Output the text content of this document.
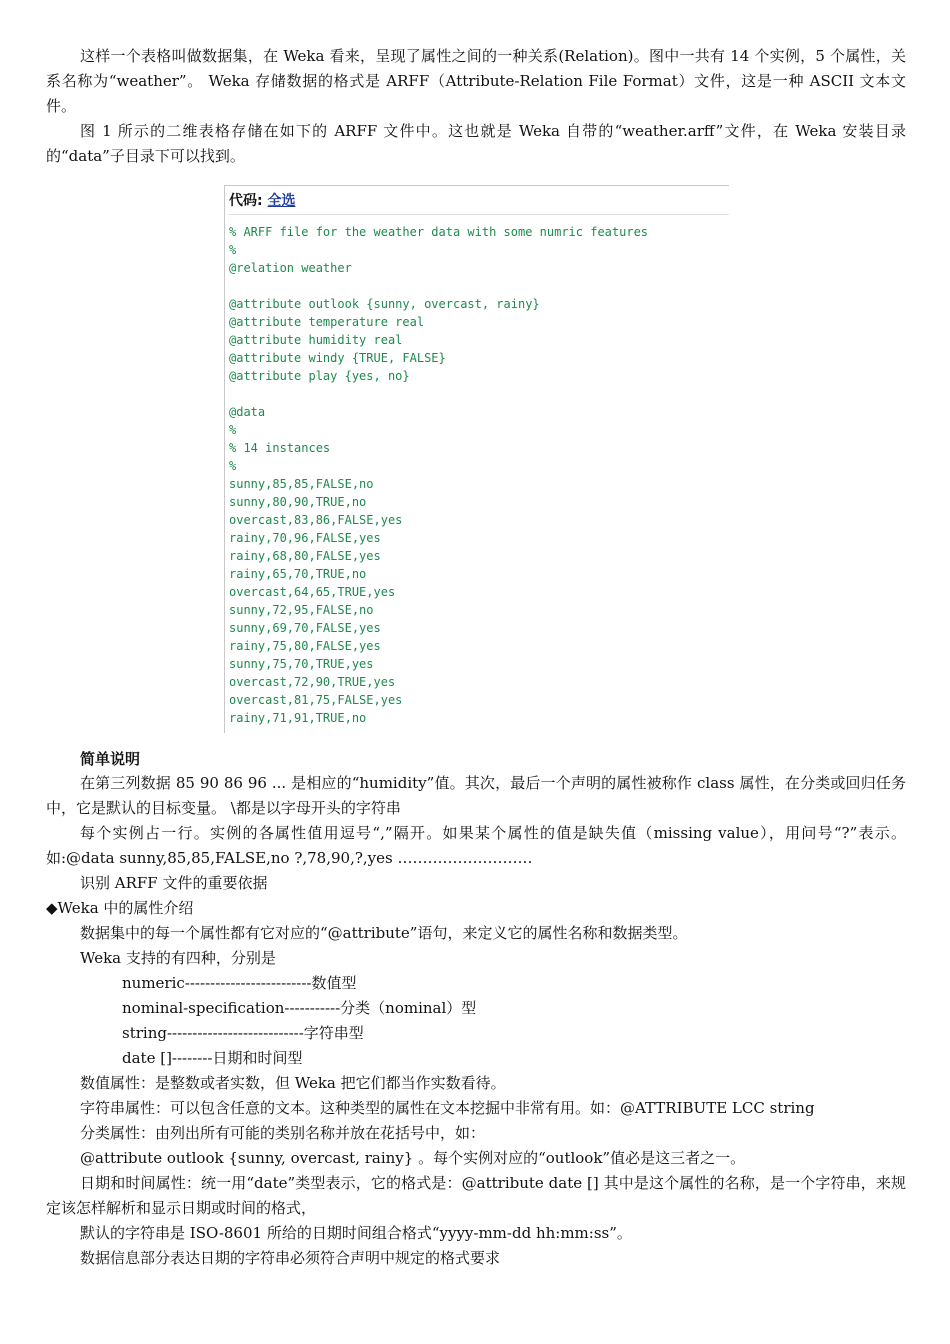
这样一个表格叫做数据集，在 Weka 看来，呈现了属性之间的一种关系(Relation)。图中一共有 14 个实例，5 个属性，关系名称为“weather”。 Weka 存储数据的格式是 ARFF（Attribute-Relation File Format）文件，这是一种 ASCII 文本文件。

图 1 所示的二维表格存储在如下的 ARFF 文件中。这也就是 Weka 自带的“weather.arff”文件，在 Weka 安装目录的“data”子目录下可以找到。

代码: 全选
% ARFF file for the weather data with some numric features
%
@relation weather
@attribute outlook {sunny, overcast, rainy}
@attribute temperature real
@attribute humidity real
@attribute windy {TRUE, FALSE}
@attribute play {yes, no}
@data
%
% 14 instances
%
sunny,85,85,FALSE,no
sunny,80,90,TRUE,no
overcast,83,86,FALSE,yes
rainy,70,96,FALSE,yes
rainy,68,80,FALSE,yes
rainy,65,70,TRUE,no
overcast,64,65,TRUE,yes
sunny,72,95,FALSE,no
sunny,69,70,FALSE,yes
rainy,75,80,FALSE,yes
sunny,75,70,TRUE,yes
overcast,72,90,TRUE,yes
overcast,81,75,FALSE,yes
rainy,71,91,TRUE,no
简单说明

在第三列数据 85 90 86 96 ... 是相应的“humidity”值。其次，最后一个声明的属性被称作 class 属性，在分类或回归任务中，它是默认的目标变量。 \都是以字母开头的字符串

每个实例占一行。实例的各属性值用逗号“,”隔开。如果某个属性的值是缺失值（missing value），用问号“?”表示。如:@data sunny,85,85,FALSE,no ?,78,90,?,yes ………………………

识别 ARFF 文件的重要依据

◆Weka 中的属性介绍

数据集中的每一个属性都有它对应的“@attribute”语句，来定义它的属性名称和数据类型。

Weka 支持的有四种，分别是

numeric-------------------------数值型

nominal-specification-----------分类（nominal）型

string---------------------------字符串型

date []--------日期和时间型

数值属性：是整数或者实数，但 Weka 把它们都当作实数看待。

字符串属性：可以包含任意的文本。这种类型的属性在文本挖掘中非常有用。如：@ATTRIBUTE LCC string

分类属性：由列出所有可能的类别名称并放在花括号中，如：

@attribute outlook {sunny, overcast, rainy} 。每个实例对应的“outlook”值必是这三者之一。

日期和时间属性：统一用“date”类型表示，它的格式是：@attribute date [] 其中是这个属性的名称，是一个字符串，来规定该怎样解析和显示日期或时间的格式，

默认的字符串是 ISO-8601 所给的日期时间组合格式“yyyy-mm-dd hh:mm:ss”。

数据信息部分表达日期的字符串必须符合声明中规定的格式要求
